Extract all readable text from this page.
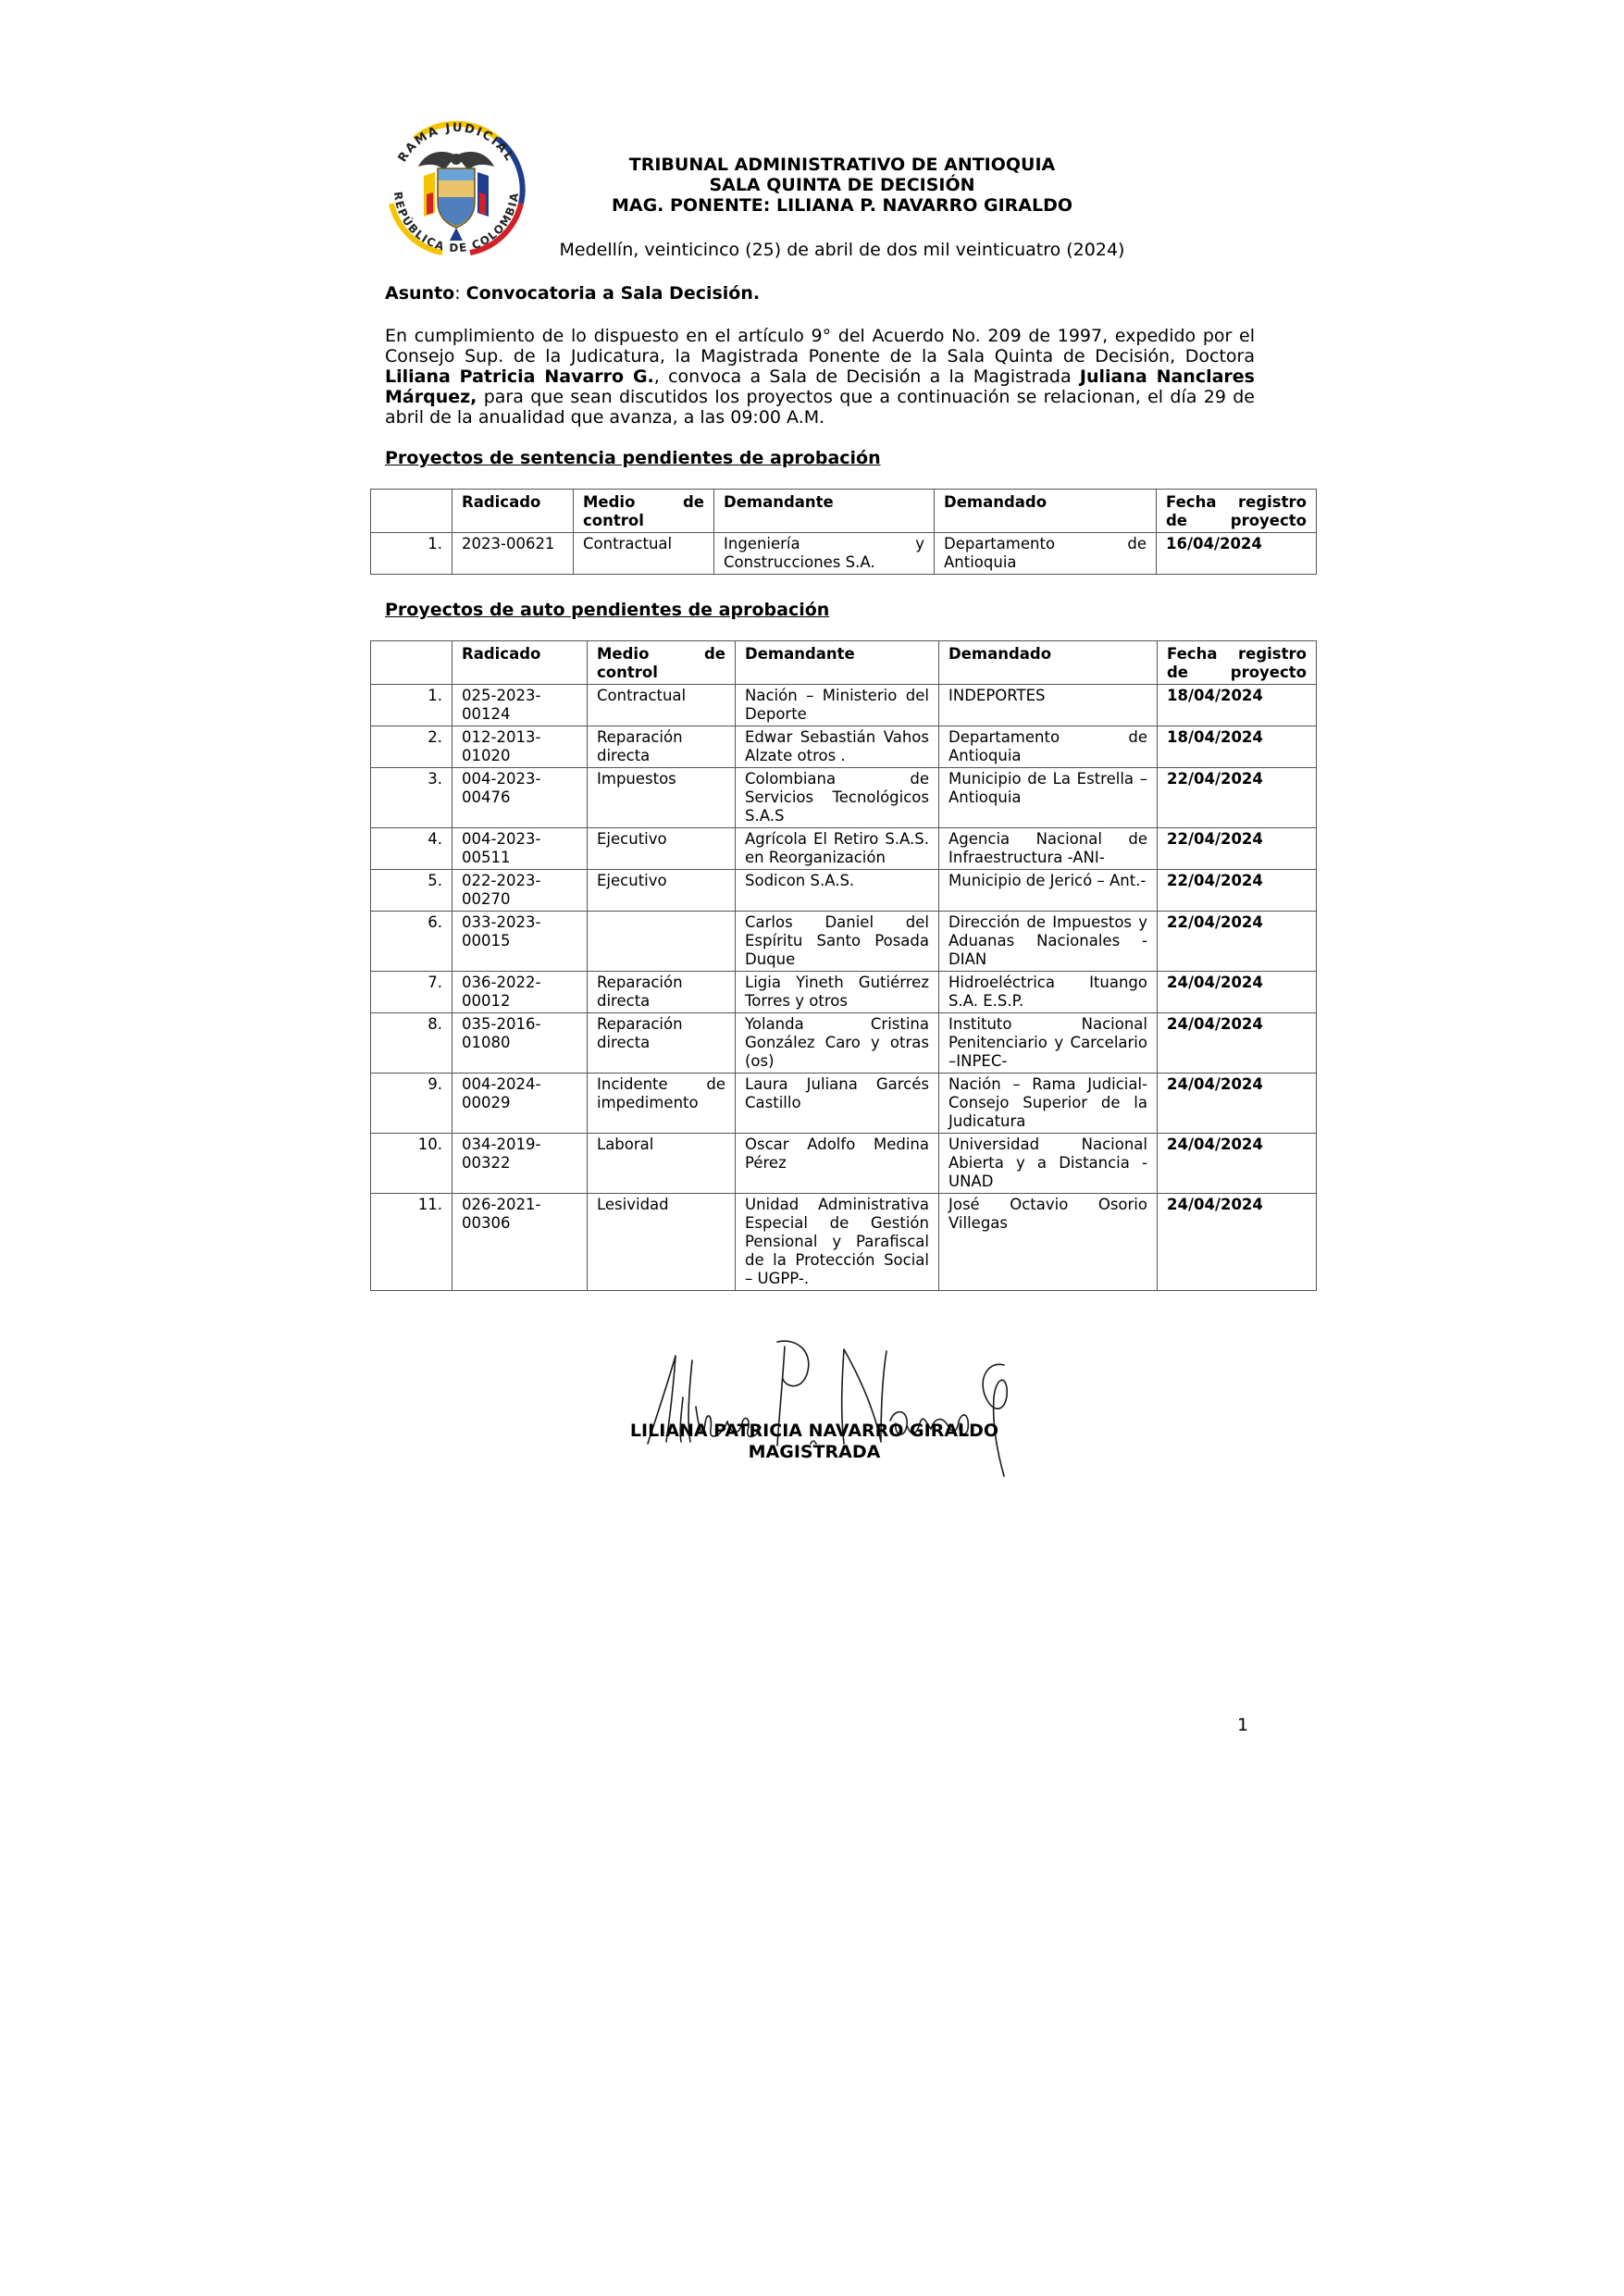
RAMA JUDICIAL
REPÚBLICA DE COLOMBIA
TRIBUNAL ADMINISTRATIVO DE ANTIOQUIA
SALA QUINTA DE DECISIÓN
MAG. PONENTE: LILIANA P. NAVARRO GIRALDO
Medellín, veinticinco (25) de abril de dos mil veinticuatro (2024)
Asunto: Convocatoria a Sala Decisión.
En cumplimiento de lo dispuesto en el artículo 9° del Acuerdo No. 209 de 1997, expedido por el Consejo Sup. de la Judicatura, la Magistrada Ponente de la Sala Quinta de Decisión, Doctora Liliana Patricia Navarro G., convoca a Sala de Decisión a la Magistrada Juliana Nanclares Márquez, para que sean discutidos los proyectos que a continuación se relacionan, el día 29 de abril de la anualidad que avanza, a las 09:00 A.M.
Proyectos de sentencia pendientes de aprobación
	Radicado	Medio de control	Demandante	Demandado	Fecha registro de proyecto
1.	2023-00621	Contractual	Ingeniería y Construcciones S.A.	Departamento de Antioquia	16/04/2024
Proyectos de auto pendientes de aprobación
	Radicado	Medio de control	Demandante	Demandado	Fecha registro de proyecto
1.	025-2023-00124	Contractual	Nación – Ministerio del Deporte	INDEPORTES	18/04/2024
2.	012-2013-01020	Reparación directa	Edwar Sebastián Vahos Alzate otros .	Departamento de Antioquia	18/04/2024
3.	004-2023-00476	Impuestos	Colombiana de Servicios Tecnológicos S.A.S	Municipio de La Estrella – Antioquia	22/04/2024
4.	004-2023-00511	Ejecutivo	Agrícola El Retiro S.A.S. en Reorganización	Agencia Nacional de Infraestructura -ANI-	22/04/2024
5.	022-2023-00270	Ejecutivo	Sodicon S.A.S.	Municipio de Jericó – Ant.-	22/04/2024
6.	033-2023-00015		Carlos Daniel del Espíritu Santo Posada Duque	Dirección de Impuestos y Aduanas Nacionales - DIAN	22/04/2024
7.	036-2022-00012	Reparación directa	Ligia Yineth Gutiérrez Torres y otros	Hidroeléctrica Ituango S.A. E.S.P.	24/04/2024
8.	035-2016-01080	Reparación directa	Yolanda Cristina González Caro y otras (os)	Instituto Nacional Penitenciario y Carcelario –INPEC-	24/04/2024
9.	004-2024-00029	Incidente de impedimento	Laura Juliana Garcés Castillo	Nación – Rama Judicial-Consejo Superior de la Judicatura	24/04/2024
10.	034-2019-00322	Laboral	Oscar Adolfo Medina Pérez	Universidad Nacional Abierta y a Distancia - UNAD	24/04/2024
11.	026-2021-00306	Lesividad	Unidad Administrativa Especial de Gestión Pensional y Parafiscal de la Protección Social – UGPP-.	José Octavio Osorio Villegas	24/04/2024
LILIANA PATRICIA NAVARRO GIRALDO
MAGISTRADA
1
